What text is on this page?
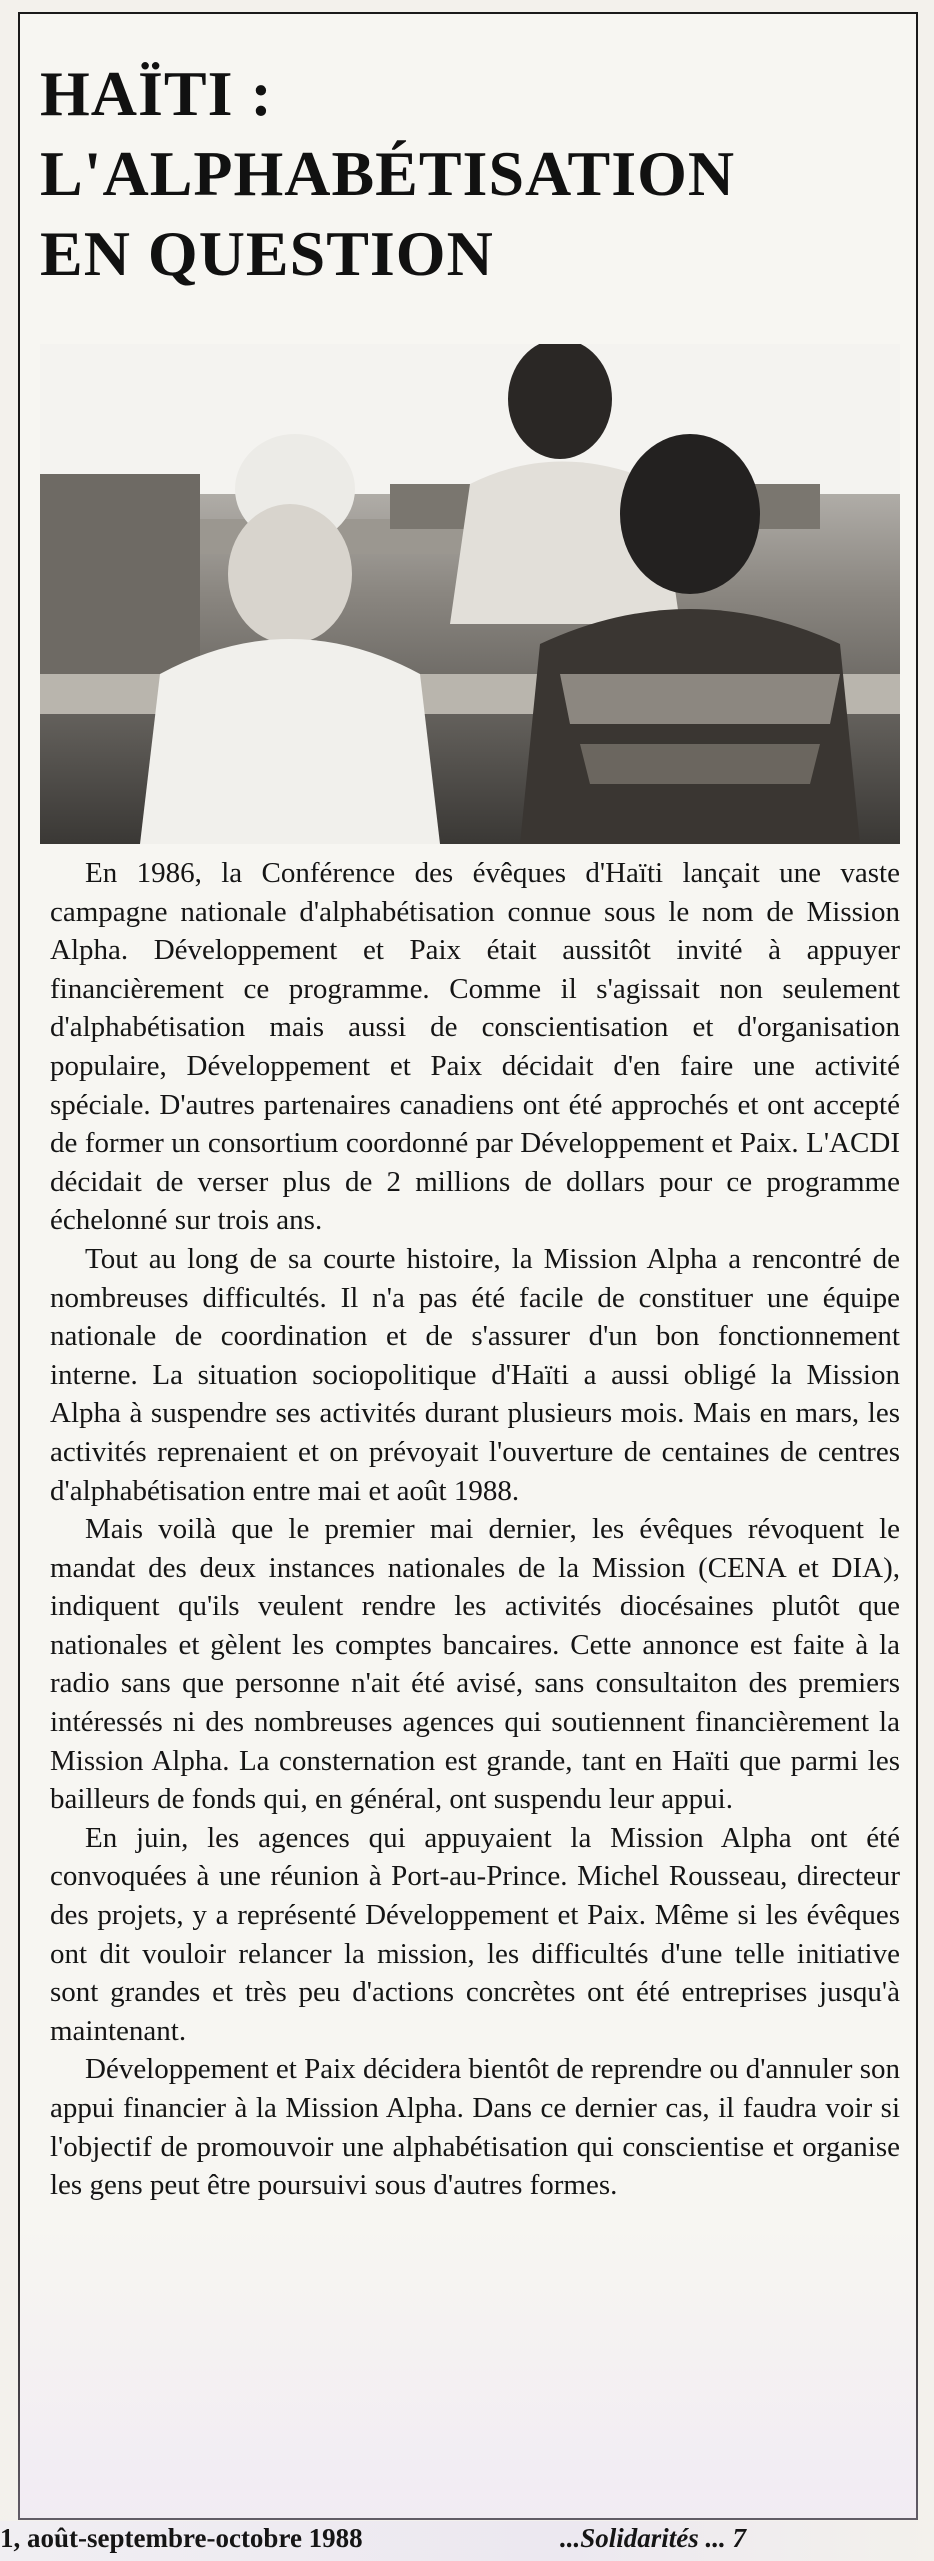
HAÏTI :
L'ALPHABÉTISATION
EN QUESTION

En 1986, la Conférence des évêques d'Haïti lançait une vaste campagne nationale d'alphabétisation connue sous le nom de Mission Alpha. Développement et Paix était aussitôt invité à appuyer financièrement ce programme. Comme il s'agissait non seulement d'alphabétisation mais aussi de conscientisation et d'organisation populaire, Développement et Paix décidait d'en faire une activité spéciale. D'autres partenaires canadiens ont été approchés et ont accepté de former un consortium coordonné par Développement et Paix. L'ACDI décidait de verser plus de 2 millions de dollars pour ce programme échelonné sur trois ans.

Tout au long de sa courte histoire, la Mission Alpha a rencontré de nombreuses difficultés. Il n'a pas été facile de constituer une équipe nationale de coordination et de s'assurer d'un bon fonctionnement interne. La situation sociopolitique d'Haïti a aussi obligé la Mission Alpha à suspendre ses activités durant plusieurs mois. Mais en mars, les activités reprenaient et on prévoyait l'ouverture de centaines de centres d'alphabétisation entre mai et août 1988.

Mais voilà que le premier mai dernier, les évêques révoquent le mandat des deux instances nationales de la Mission (CENA et DIA), indiquent qu'ils veulent rendre les activités diocésaines plutôt que nationales et gèlent les comptes bancaires. Cette annonce est faite à la radio sans que personne n'ait été avisé, sans consultaiton des premiers intéressés ni des nombreuses agences qui soutiennent financièrement la Mission Alpha. La consternation est grande, tant en Haïti que parmi les bailleurs de fonds qui, en général, ont suspendu leur appui.

En juin, les agences qui appuyaient la Mission Alpha ont été convoquées à une réunion à Port-au-Prince. Michel Rousseau, directeur des projets, y a représenté Développement et Paix. Même si les évêques ont dit vouloir relancer la mission, les difficultés d'une telle initiative sont grandes et très peu d'actions concrètes ont été entreprises jusqu'à maintenant.

Développement et Paix décidera bientôt de reprendre ou d'annuler son appui financier à la Mission Alpha. Dans ce dernier cas, il faudra voir si l'objectif de promouvoir une alphabétisation qui conscientise et organise les gens peut être poursuivi sous d'autres formes.

1, août-septembre-octobre 1988	...Solidarités ... 7
